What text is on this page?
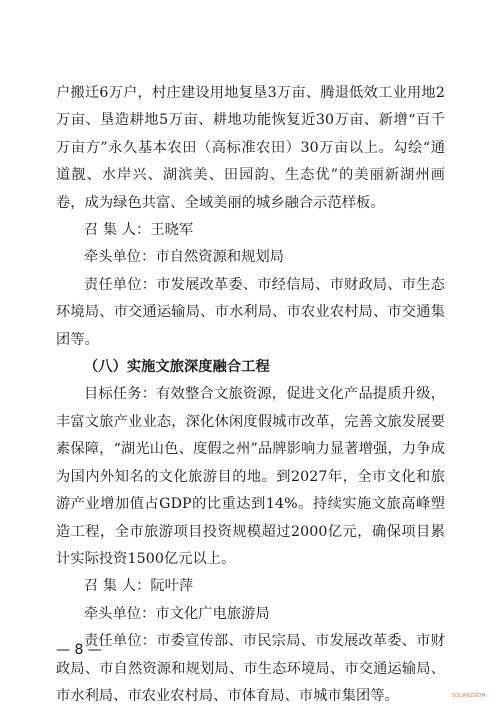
户搬迁6万户，村庄建设用地复垦3万亩、腾退低效工业用地2万亩、垦造耕地5万亩、耕地功能恢复近30万亩、新增“百千万亩方”永久基本农田（高标准农田）30万亩以上。勾绘“通道靓、水岸兴、湖滨美、田园韵、生态优”的美丽新湖州画卷，成为绿色共富、全域美丽的城乡融合示范样板。

召 集 人：王晓军

牵头单位：市自然资源和规划局

责任单位：市发展改革委、市经信局、市财政局、市生态环境局、市交通运输局、市水利局、市农业农村局、市交通集团等。

（八）实施文旅深度融合工程

目标任务：有效整合文旅资源，促进文化产品提质升级，丰富文旅产业业态，深化休闲度假城市改革，完善文旅发展要素保障，“湖光山色、度假之州”品牌影响力显著增强，力争成为国内外知名的文化旅游目的地。到2027年，全市文化和旅游产业增加值占GDP的比重达到14%。持续实施文旅高峰塑造工程，全市旅游项目投资规模超过2000亿元，确保项目累计实际投资1500亿元以上。

召 集 人：阮叶萍

牵头单位：市文化广电旅游局

责任单位：市委宣传部、市民宗局、市发展改革委、市财政局、市自然资源和规划局、市生态环境局、市交通运输局、市水利局、市农业农村局、市体育局、市城市集团等。

— 8 —
SOLARZOOM
